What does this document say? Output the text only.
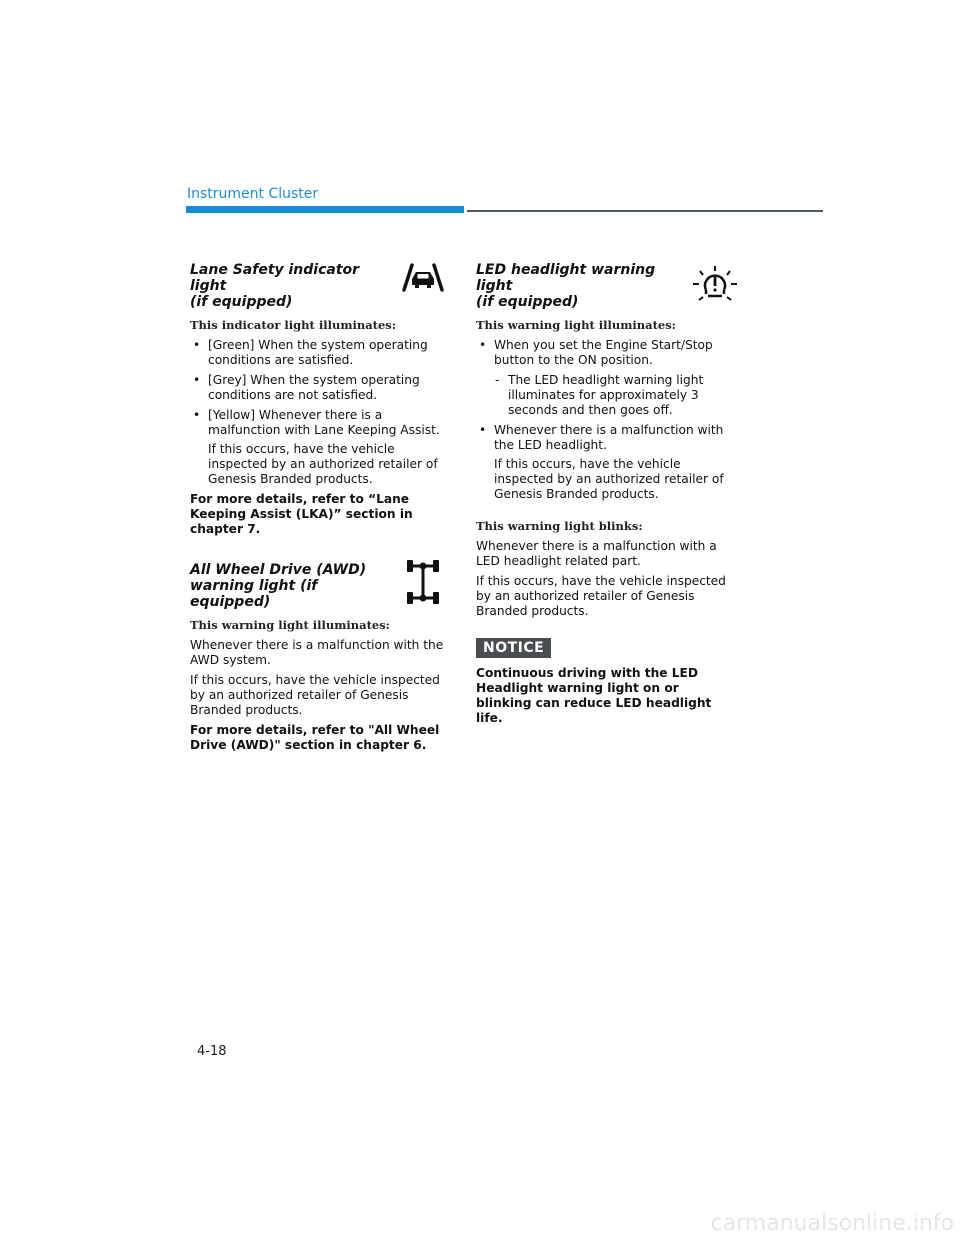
Instrument Cluster
Lane Safety indicator light
(if equipped)
This indicator light illuminates:
• [Green] When the system operating conditions are satisfied.
• [Grey] When the system operating conditions are not satisfied.
• [Yellow] Whenever there is a malfunction with Lane Keeping Assist.
If this occurs, have the vehicle inspected by an authorized retailer of Genesis Branded products.

For more details, refer to “Lane Keeping Assist (LKA)” section in chapter 7.

All Wheel Drive (AWD)
warning light (if equipped)
This warning light illuminates:

Whenever there is a malfunction with the AWD system.

If this occurs, have the vehicle inspected by an authorized retailer of Genesis Branded products.

For more details, refer to "All Wheel Drive (AWD)" section in chapter 6.

LED headlight warning light
(if equipped)
This warning light illuminates:
• When you set the Engine Start/Stop button to the ON position.
- The LED headlight warning light illuminates for approximately 3 seconds and then goes off.
• Whenever there is a malfunction with the LED headlight.
If this occurs, have the vehicle inspected by an authorized retailer of Genesis Branded products.
This warning light blinks:

Whenever there is a malfunction with a LED headlight related part.

If this occurs, have the vehicle inspected by an authorized retailer of Genesis Branded products.

NOTICE

Continuous driving with the LED Headlight warning light on or blinking can reduce LED headlight life.

4-18
carmanualsonline.info
